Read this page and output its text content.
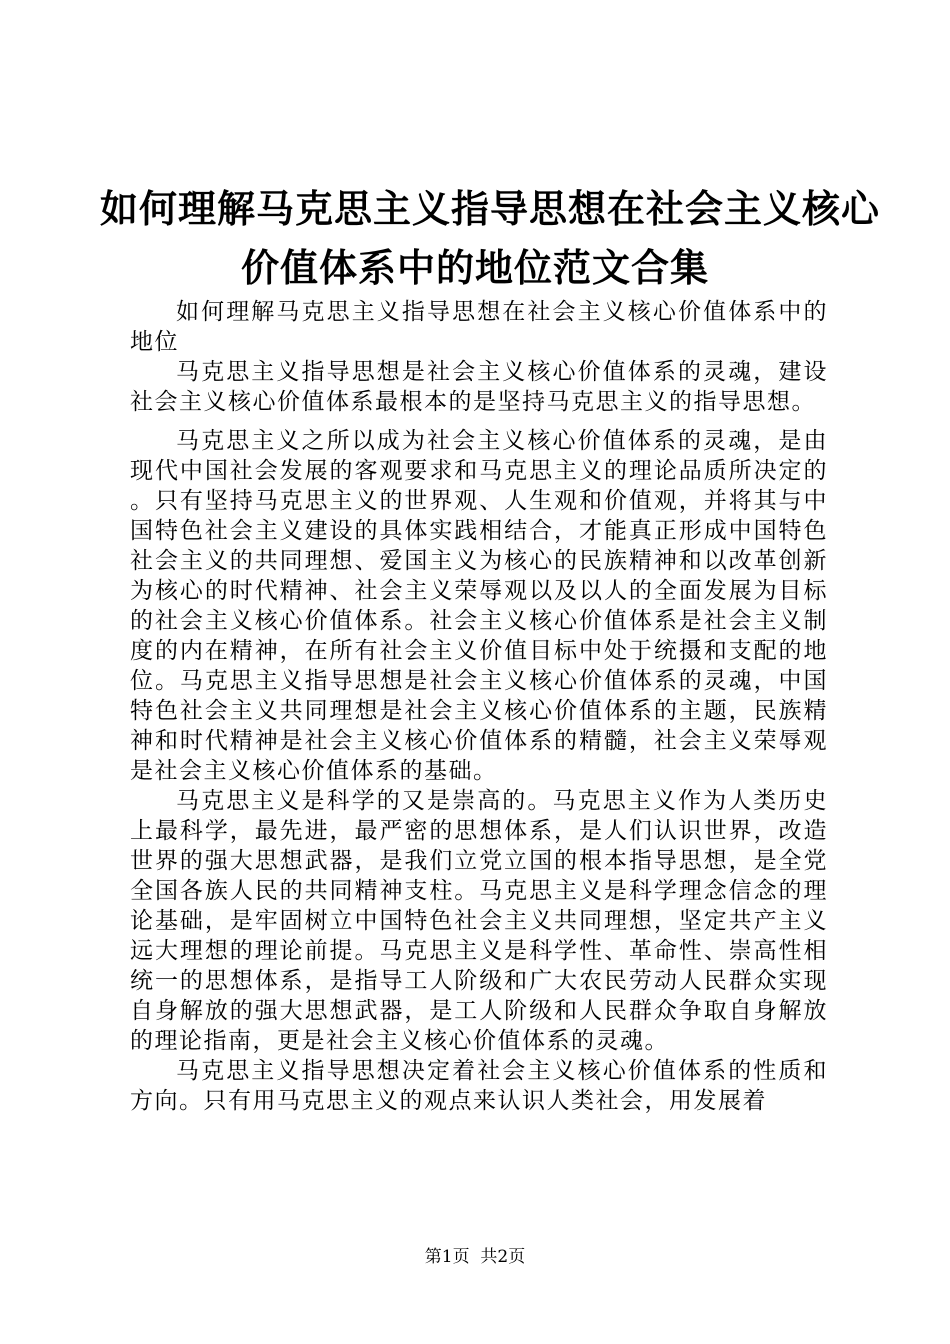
如何理解马克思主义指导思想在社会主义核心
价值体系中的地位范文合集

如何理解马克思主义指导思想在社会主义核心价值体系中的地位

马克思主义指导思想是社会主义核心价值体系的灵魂，建设社会主义核心价值体系最根本的是坚持马克思主义的指导思想。

马克思主义之所以成为社会主义核心价值体系的灵魂，是由现代中国社会发展的客观要求和马克思主义的理论品质所决定的。只有坚持马克思主义的世界观、人生观和价值观，并将其与中国特色社会主义建设的具体实践相结合，才能真正形成中国特色社会主义的共同理想、爱国主义为核心的民族精神和以改革创新为核心的时代精神、社会主义荣辱观以及以人的全面发展为目标的社会主义核心价值体系。社会主义核心价值体系是社会主义制度的内在精神，在所有社会主义价值目标中处于统摄和支配的地位。马克思主义指导思想是社会主义核心价值体系的灵魂，中国特色社会主义共同理想是社会主义核心价值体系的主题，民族精神和时代精神是社会主义核心价值体系的精髓，社会主义荣辱观是社会主义核心价值体系的基础。

马克思主义是科学的又是崇高的。马克思主义作为人类历史上最科学，最先进，最严密的思想体系，是人们认识世界，改造世界的强大思想武器，是我们立党立国的根本指导思想，是全党全国各族人民的共同精神支柱。马克思主义是科学理念信念的理论基础，是牢固树立中国特色社会主义共同理想，坚定共产主义远大理想的理论前提。马克思主义是科学性、革命性、崇高性相统一的思想体系，是指导工人阶级和广大农民劳动人民群众实现自身解放的强大思想武器，是工人阶级和人民群众争取自身解放的理论指南，更是社会主义核心价值体系的灵魂。

马克思主义指导思想决定着社会主义核心价值体系的性质和方向。只有用马克思主义的观点来认识人类社会，用发展着

第1页  共2页
